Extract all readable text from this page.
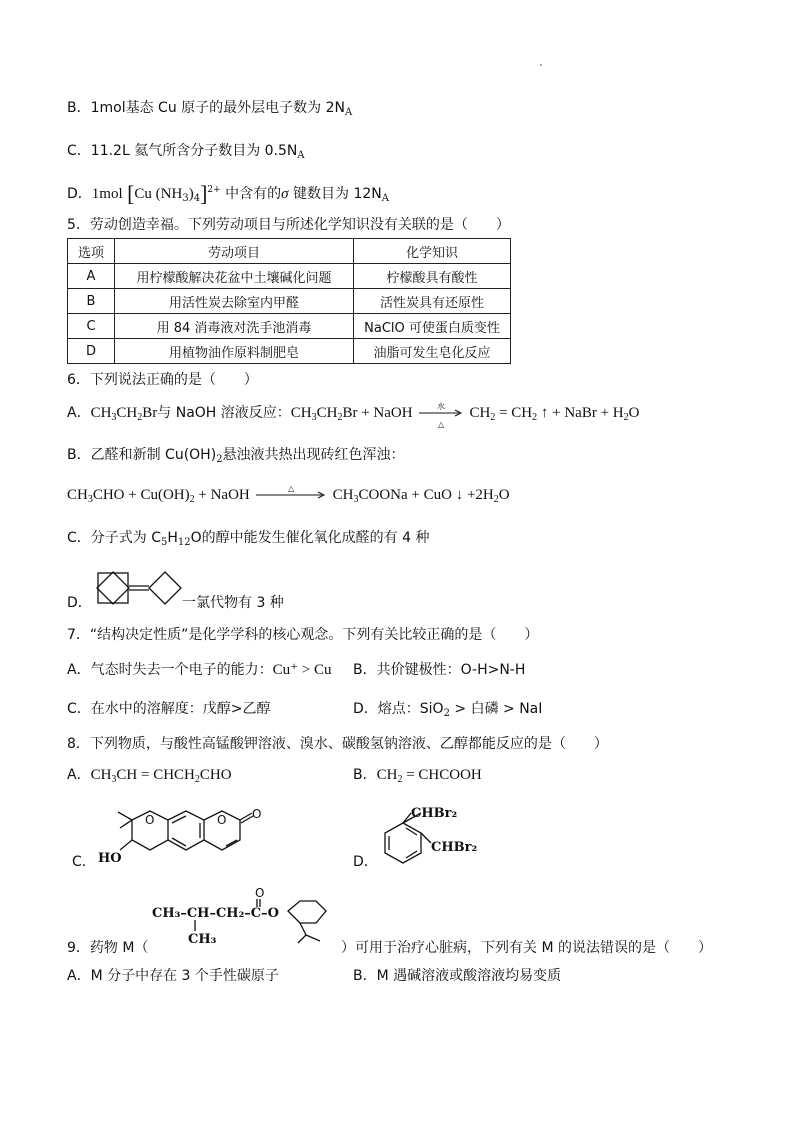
B．1mol基态 Cu 原子的最外层电子数为 $2N_A$
C．11.2L 氦气所含分子数目为 $0.5N_A$
D．1mol [Cu $(NH_3)_4]^{2+}$ 中含有的σ 键数目为 $12N_A$
5．劳动创造幸福。下列劳动项目与所述化学知识没有关联的是（　　）
选项	劳动项目	化学知识
A	用柠檬酸解决花盆中土壤碱化问题	柠檬酸具有酸性
B	用活性炭去除室内甲醛	活性炭具有还原性
C	用 84 消毒液对洗手池消毒	NaClO 可使蛋白质变性
D	用植物油作原料制肥皂	油脂可发生皂化反应
6．下列说法正确的是（　　）
A．$CH_3CH_2Br$与 NaOH 溶液反应：$CH_3CH_2Br$ + NaOH	水
△
$CH_2 = CH_2$ ↑ + NaBr + $H_2O$
B．乙醛和新制 $Cu(OH)_2$悬浊液共热出现砖红色浑浊：
$CH_3CHO + Cu(OH)_2$ + NaOH	△	$CH_3COONa$ + CuO ↓ $+2H_2O$
C．分子式为 $C_5H_{12}O$的醇中能发生催化氧化成醛的有 4 种
D．	一氯代物有 3 种
7．“结构决定性质”是化学学科的核心观念。下列有关比较正确的是（　　）
A．气态时失去一个电子的能力：Cu⁺ > Cu B．共价键极性：O-H>N-H
C．在水中的溶解度：戊醇>乙醇	D．熔点：SiO$_2$ > 白磷 > NaI
8．下列物质，与酸性高锰酸钾溶液、溴水、碳酸氢钠溶液、乙醇都能反应的是（　　）
A．$CH_3CH$ = $CHCH_2CHO$	B．$CH_2$ = CHCOOH
C．
O	O O
HO	D．
CHBr₂
CHBr₂
CH₃–CH–CH₂–C–O
CH₃
O
9．药物 M（	）可用于治疗心脏病，下列有关 M 的说法错误的是（　　）
A．M 分子中存在 3 个手性碳原子	B．M 遇碱溶液或酸溶液均易变质
